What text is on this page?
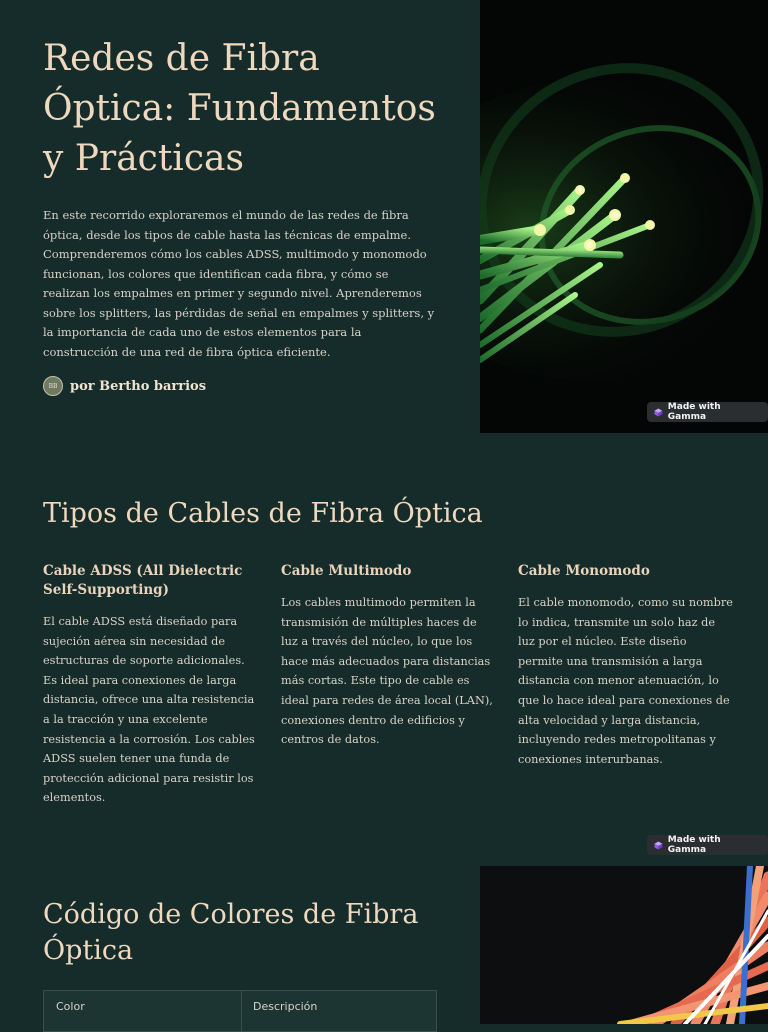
Redes de Fibra Óptica: Fundamentos y Prácticas

En este recorrido exploraremos el mundo de las redes de fibra óptica, desde los tipos de cable hasta las técnicas de empalme. Comprenderemos cómo los cables ADSS, multimodo y monomodo funcionan, los colores que identifican cada fibra, y cómo se realizan los empalmes en primer y segundo nivel. Aprenderemos sobre los splitters, las pérdidas de señal en empalmes y splitters, y la importancia de cada uno de estos elementos para la construcción de una red de fibra óptica eficiente.

BB por Bertho barrios
Made with Gamma
Tipos de Cables de Fibra Óptica
Cable ADSS (All Dielectric Self-Supporting)

El cable ADSS está diseñado para sujeción aérea sin necesidad de estructuras de soporte adicionales. Es ideal para conexiones de larga distancia, ofrece una alta resistencia a la tracción y una excelente resistencia a la corrosión. Los cables ADSS suelen tener una funda de protección adicional para resistir los elementos.

Cable Multimodo

Los cables multimodo permiten la transmisión de múltiples haces de luz a través del núcleo, lo que los hace más adecuados para distancias más cortas. Este tipo de cable es ideal para redes de área local (LAN), conexiones dentro de edificios y centros de datos.

Cable Monomodo

El cable monomodo, como su nombre lo indica, transmite un solo haz de luz por el núcleo. Este diseño permite una transmisión a larga distancia con menor atenuación, lo que lo hace ideal para conexiones de alta velocidad y larga distancia, incluyendo redes metropolitanas y conexiones interurbanas.

Made with Gamma
Código de Colores de Fibra Óptica
Color	Descripción
